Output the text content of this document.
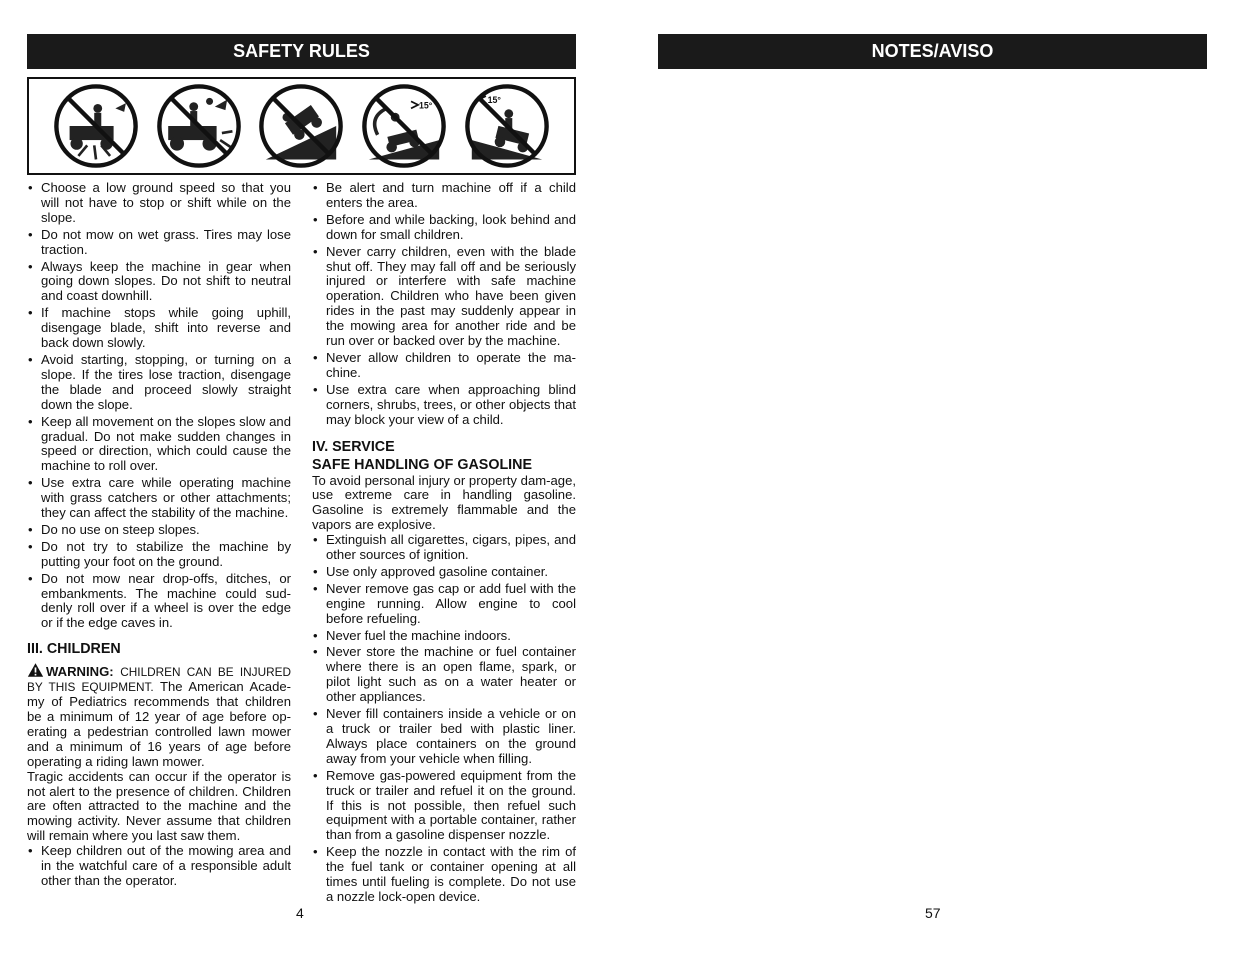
SAFETY RULES
15°
15°
• Choose a low ground speed so that you will not have to stop or shift while on the slope.
• Do not mow on wet grass. Tires may lose traction.
• Always keep the machine in gear when going down slopes. Do not shift to neutral and coast downhill.
• If machine stops while going uphill, disengage blade, shift into reverse and back down slowly.
• Avoid starting, stopping, or turning on a slope. If the tires lose traction, disengage the blade and proceed slowly straight down the slope.
• Keep all movement on the slopes slow and gradual. Do not make sudden changes in speed or direction, which could cause the machine to roll over.
• Use extra care while operating machine with grass catchers or other attachments; they can affect the stability of the machine.
• Do no use on steep slopes.
• Do not try to stabilize the machine by putting your foot on the ground.
• Do not mow near drop-offs, ditches, or embankments. The machine could sud-denly roll over if a wheel is over the edge or if the edge caves in.
III. CHILDREN

WARNING: CHILDREN CAN BE INJURED BY THIS EQUIPMENT. The American Acade-my of Pediatrics recommends that children be a minimum of 12 year of age before op-erating a pedestrian controlled lawn mower and a minimum of 16 years of age before operating a riding lawn mower.

Tragic accidents can occur if the operator is not alert to the presence of children. Children are often attracted to the machine and the mowing activity. Never assume that children will remain where you last saw them.

• Keep children out of the mowing area and in the watchful care of a responsible adult other than the operator.
• Be alert and turn machine off if a child enters the area.
• Before and while backing, look behind and down for small children.
• Never carry children, even with the blade shut off. They may fall off and be seriously injured or interfere with safe machine operation. Children who have been given rides in the past may suddenly appear in the mowing area for another ride and be run over or backed over by the machine.
• Never allow children to operate the ma-chine.
• Use extra care when approaching blind corners, shrubs, trees, or other objects that may block your view of a child.
IV. SERVICE
SAFE HANDLING OF GASOLINE

To avoid personal injury or property dam-age, use extreme care in handling gasoline. Gasoline is extremely flammable and the vapors are explosive.

• Extinguish all cigarettes, cigars, pipes, and other sources of ignition.
• Use only approved gasoline container.
• Never remove gas cap or add fuel with the engine running. Allow engine to cool before refueling.
• Never fuel the machine indoors.
• Never store the machine or fuel container where there is an open flame, spark, or pilot light such as on a water heater or other appliances.
• Never fill containers inside a vehicle or on a truck or trailer bed with plastic liner. Always place containers on the ground away from your vehicle when filling.
• Remove gas-powered equipment from the truck or trailer and refuel it on the ground. If this is not possible, then refuel such equipment with a portable container, rather than from a gasoline dispenser nozzle.
• Keep the nozzle in contact with the rim of the fuel tank or container opening at all times until fueling is complete. Do not use a nozzle lock-open device.
4
NOTES/AVISO
57
